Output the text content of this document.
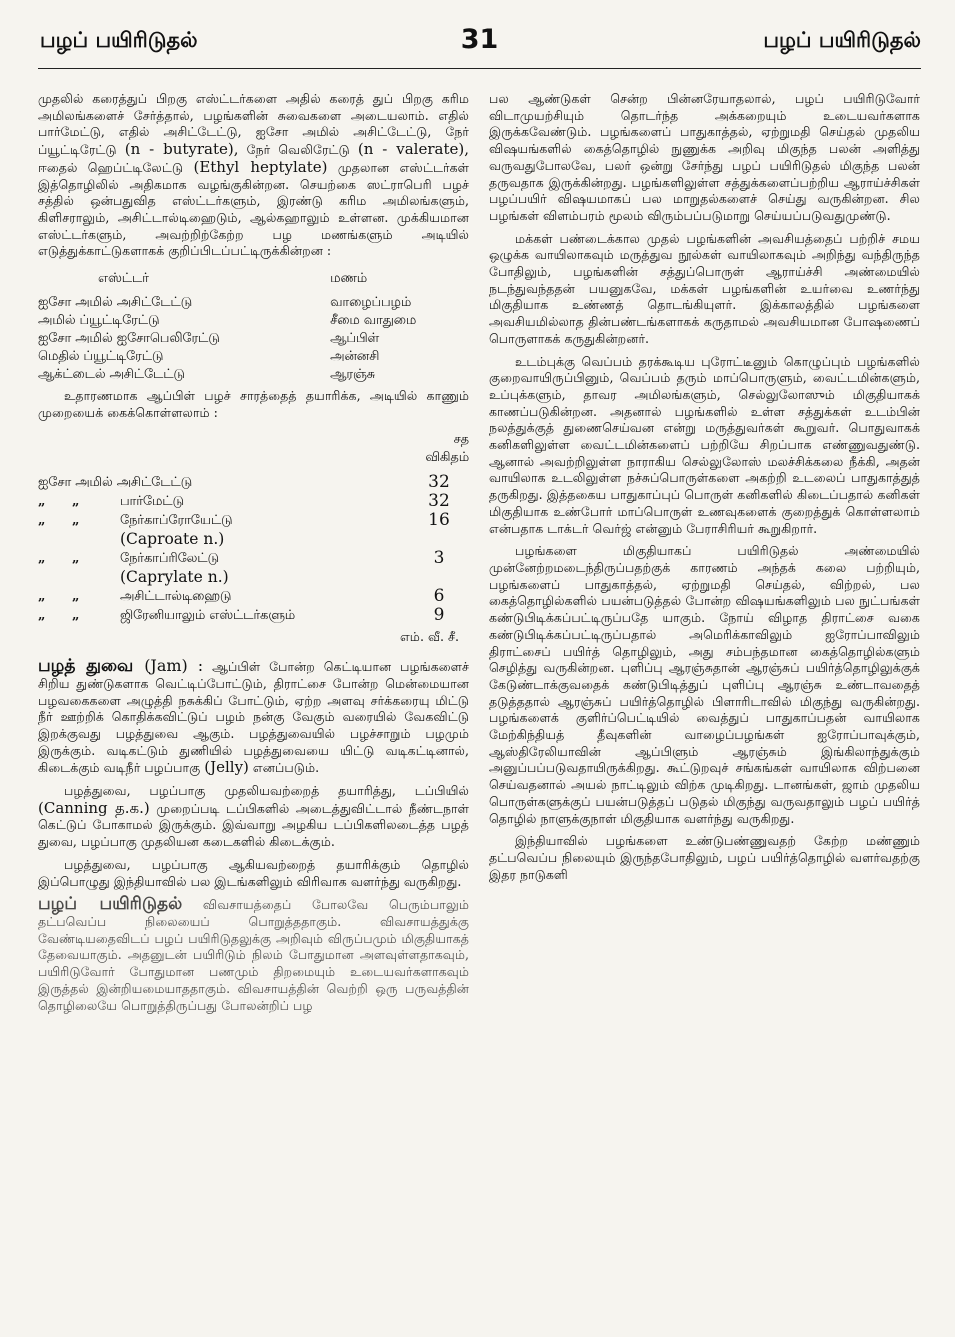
பழப் பயிரிடுதல்	31	பழப் பயிரிடுதல்

முதலில் கரைத்துப் பிறகு எஸ்ட்டர்களை அதில் கரைத் துப் பிறகு கரிம அமிலங்களைச் சேர்த்தால், பழங்களின் சுவைகளை அடையலாம். எதில் பார்மேட்டு, எதில் அசிட்டேட்டு, ஐசோ அமில் அசிட்டேட்டு, நேர் ப்யூட்டிரேட்டு (n - butyrate), நேர் வெலிரேட்டு (n - valerate), ஈதைல் ஹெப்ட்டிலேட்டு (Ethyl heptylate) முதலான எஸ்ட்டர்கள் இத்தொழிலில் அதிகமாக வழங்குகின்றன. செயற்கை ஸட்ராபெரி பழச் சத்தில் ஒன்பதுவித எஸ்ட்டர்களும், இரண்டு கரிம அமிலங்களும், கிளிசராலும், அசிட்டால்டிஹைடும், ஆல்கஹாலும் உள்ளன. முக்கியமான எஸ்ட்டர்களும், அவற்றிற்கேற்ற பழ மணங்களும் அடியில் எடுத்துக்காட்டுகளாகக் குறிப்பிடப்பட்டிருக்கின்றன :

எஸ்ட்டர்	மணம்
ஐசோ அமில் அசிட்டேட்டு	வாழைப்பழம்
அமில் ப்யூட்டிரேட்டு	சீமை வாதுமை
ஐசோ அமில் ஐசோபெலிரேட்டு	ஆப்பிள்
மெதில் ப்யூட்டிரேட்டு	அன்னசி
ஆக்ட்டைல் அசிட்டேட்டு	ஆரஞ்சு

உதாரணமாக ஆப்பிள் பழச் சாரத்தைத் தயாரிக்க, அடியில் காணும் முறையைக் கைக்கொள்ளலாம் :

			சத விகிதம்
ஐசோ அமில் அசிட்டேட்டு			32
„	„	பார்மேட்டு	32
„	„	நேர்காப்ரோயேட்டு	16
		(Caproate n.)	
„	„	நேர்காப்ரிலேட்டு	3
		(Caprylate n.)	
„	„	அசிட்டால்டிஹைடு	6
„	„	ஜிரேனியாலும் எஸ்ட்டர்களும்	9
எம். வீ. சீ.

பழத் துவை (Jam) : ஆப்பிள் போன்ற கெட்டியான பழங்களைச் சிறிய துண்டுகளாக வெட்டிப்போட்டும், திராட்சை போன்ற மென்மையான பழவகைகளை அழுத்தி நசுக்கிப் போட்டும், ஏற்ற அளவு சர்க்கரையு மிட்டு நீர் ஊற்றிக் கொதிக்கவிட்டுப் பழம் நன்கு வேகும் வரையில் வேகவிட்டு இறக்குவது பழத்துவை ஆகும். பழத்துவையில் பழச்சாறும் பழமும் இருக்கும். வடிகட்டும் துணியில் பழத்துவையை யிட்டு வடிகட்டினால், கிடைக்கும் வடிநீர் பழப்பாகு (Jelly) எனப்படும்.

பழத்துவை, பழப்பாகு முதலியவற்றைத் தயாரித்து, டப்பியில் (Canning த.க.) முறைப்படி டப்பிகளில் அடைத்துவிட்டால் நீண்டநாள் கெட்டுப் போகாமல் இருக்கும். இவ்வாறு அழகிய டப்பிகளிலடைத்த பழத் துவை, பழப்பாகு முதலியன கடைகளில் கிடைக்கும்.

பழத்துவை, பழப்பாகு ஆகியவற்றைத் தயாரிக்கும் தொழில் இப்பொழுது இந்தியாவில் பல இடங்களிலும் விரிவாக வளர்ந்து வருகிறது.

பழப் பயிரிடுதல் விவசாயத்தைப் போலவே பெரும்பாலும் தட்பவெப்ப நிலையைப் பொறுத்ததாகும். விவசாயத்துக்கு வேண்டியதைவிடப் பழப் பயிரிடுதலுக்கு அறிவும் விருப்பமும் மிகுதியாகத் தேவையாகும். அதனுடன் பயிரிடும் நிலம் போதுமான அளவுள்ளதாகவும், பயிரிடுவோர் போதுமான பணமும் திறமையும் உடையவர்களாகவும் இருத்தல் இன்றியமையாததாகும். விவசாயத்தின் வெற்றி ஒரு பருவத்தின் தொழிலையே பொறுத்திருப்பது போலன்றிப் பழ

பல ஆண்டுகள் சென்ற பின்னரேயாதலால், பழப் பயிரிடுவோர் விடாமுயற்சியும் தொடர்ந்த அக்கறையும் உடையவர்களாக இருக்கவேண்டும். பழங்களைப் பாதுகாத்தல், ஏற்றுமதி செய்தல் முதலிய விஷயங்களில் கைத்தொழில் நுணுக்க அறிவு மிகுந்த பலன் அளித்து வருவதுபோலவே, பலர் ஒன்று சேர்ந்து பழப் பயிரிடுதல் மிகுந்த பலன் தருவதாக இருக்கின்றது. பழங்களிலுள்ள சத்துக்களைப்பற்றிய ஆராய்ச்சிகள் பழப்பயிர் விஷயமாகப் பல மாறுதல்களைச் செய்து வருகின்றன. சில பழங்கள் விளம்பரம் மூலம் விரும்பப்படுமாறு செய்யப்படுவதுமுண்டு.

மக்கள் பண்டைக்கால முதல் பழங்களின் அவசியத்தைப் பற்றிச் சமய ஒழுக்க வாயிலாகவும் மருத்துவ நூல்கள் வாயிலாகவும் அறிந்து வந்திருந்த போதிலும், பழங்களின் சத்துப்பொருள் ஆராய்ச்சி அண்மையில் நடந்துவந்ததன் பயனுகவே, மக்கள் பழங்களின் உயர்வை உணர்ந்து மிகுதியாக உண்ணத் தொடங்கியுளர். இக்காலத்தில் பழங்களை அவசியமில்லாத தின்பண்டங்களாகக் கருதாமல் அவசியமான போஷணைப் பொருளாகக் கருதுகின்றனர்.

உடம்புக்கு வெப்பம் தரக்கூடிய புரோட்டீனும் கொழுப்பும் பழங்களில் குறைவாயிருப்பினும், வெப்பம் தரும் மாப்பொருளும், வைட்டமின்களும், உப்புக்களும், தாவர அமிலங்களும், செல்லுலோஸும் மிகுதியாகக் காணப்படுகின்றன. அதனால் பழங்களில் உள்ள சத்துக்கள் உடம்பின் நலத்துக்குத் துணைசெய்வன என்று மருத்துவர்கள் கூறுவர். பொதுவாகக் கனிகளிலுள்ள வைட்டமின்களைப் பற்றியே சிறப்பாக எண்ணுவதுண்டு. ஆனால் அவற்றிலுள்ள நாராகிய செல்லுலோஸ் மலச்சிக்கலை நீக்கி, அதன் வாயிலாக உடலிலுள்ள நச்சுப்பொருள்களை அகற்றி உடலைப் பாதுகாத்துத் தருகிறது. இத்தகைய பாதுகாப்புப் பொருள் கனிகளில் கிடைப்பதால் கனிகள் மிகுதியாக உண்போர் மாப்பொருள் உணவுகளைக் குறைத்துக் கொள்ளலாம் என்பதாக டாக்டர் வெர்ஜ் என்னும் பேராசிரியர் கூறுகிறார்.

பழங்களை மிகுதியாகப் பயிரிடுதல் அண்மையில் முன்னேற்றமடைந்திருப்பதற்குக் காரணம் அந்தக் கலை பற்றியும், பழங்களைப் பாதுகாத்தல், ஏற்றுமதி செய்தல், விற்றல், பல கைத்தொழில்களில் பயன்படுத்தல் போன்ற விஷயங்களிலும் பல நுட்பங்கள் கண்டுபிடிக்கப்பட்டிருப்பதே யாகும். நோய் விழாத திராட்சை வகை கண்டுபிடிக்கப்பட்டிருப்பதால் அமெரிக்காவிலும் ஐரோப்பாவிலும் திராட்சைப் பயிர்த் தொழிலும், அது சம்பந்தமான கைத்தொழில்களும் செழித்து வருகின்றன. புளிப்பு ஆரஞ்சுதான் ஆரஞ்சுப் பயிர்த்தொழிலுக்குக் கேடுண்டாக்குவதைக் கண்டுபிடித்துப் புளிப்பு ஆரஞ்சு உண்டாவதைத் தடுத்ததால் ஆரஞ்சுப் பயிர்த்தொழில் பிளாரிடாவில் மிகுந்து வருகின்றது. பழங்களைக் குளிர்ப்பெட்டியில் வைத்துப் பாதுகாப்பதன் வாயிலாக மேற்கிந்தியத் தீவுகளின் வாழைப்பழங்கள் ஐரோப்பாவுக்கும், ஆஸ்திரேலியாவின் ஆப்பிளும் ஆரஞ்சும் இங்கிலாந்துக்கும் அனுப்பப்படுவதாயிருக்கிறது. கூட்டுறவுச் சங்கங்கள் வாயிலாக விற்பனை செய்வதனால் அயல் நாட்டிலும் விற்க முடிகிறது. டானங்கள், ஜாம் முதலிய பொருள்களுக்குப் பயன்படுத்தப் படுதல் மிகுந்து வருவதாலும் பழப் பயிர்த் தொழில் நாளுக்குநாள் மிகுதியாக வளர்ந்து வருகிறது.

இந்தியாவில் பழங்களை உண்டுபண்ணுவதற் கேற்ற மண்ணும் தட்பவெப்ப நிலையும் இருந்தபோதிலும், பழப் பயிர்த்தொழில் வளர்வதற்கு இதர நாடுகளி
